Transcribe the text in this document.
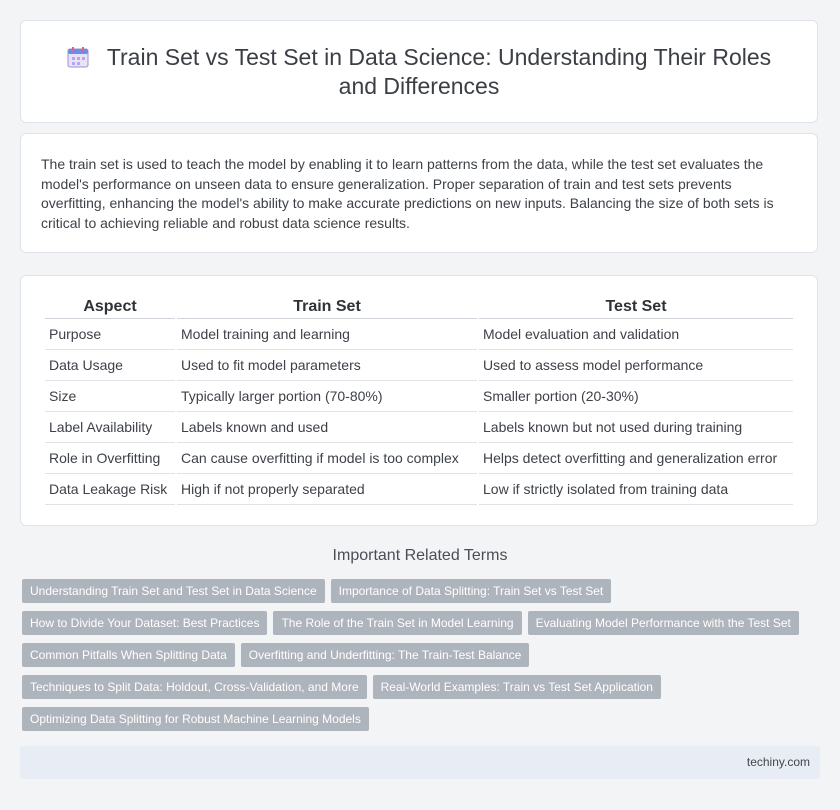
Train Set vs Test Set in Data Science: Understanding Their Roles and Differences
The train set is used to teach the model by enabling it to learn patterns from the data, while the test set evaluates the model's performance on unseen data to ensure generalization. Proper separation of train and test sets prevents overfitting, enhancing the model's ability to make accurate predictions on new inputs. Balancing the size of both sets is critical to achieving reliable and robust data science results.
Aspect	Train Set	Test Set
Purpose	Model training and learning	Model evaluation and validation
Data Usage	Used to fit model parameters	Used to assess model performance
Size	Typically larger portion (70-80%)	Smaller portion (20-30%)
Label Availability	Labels known and used	Labels known but not used during training
Role in Overfitting	Can cause overfitting if model is too complex	Helps detect overfitting and generalization error
Data Leakage Risk	High if not properly separated	Low if strictly isolated from training data
Important Related Terms
Understanding Train Set and Test Set in Data Science	Importance of Data Splitting: Train Set vs Test Set
How to Divide Your Dataset: Best Practices	The Role of the Train Set in Model Learning	Evaluating Model Performance with the Test Set
Common Pitfalls When Splitting Data	Overfitting and Underfitting: The Train-Test Balance
Techniques to Split Data: Holdout, Cross-Validation, and More	Real-World Examples: Train vs Test Set Application
Optimizing Data Splitting for Robust Machine Learning Models
techiny.com
